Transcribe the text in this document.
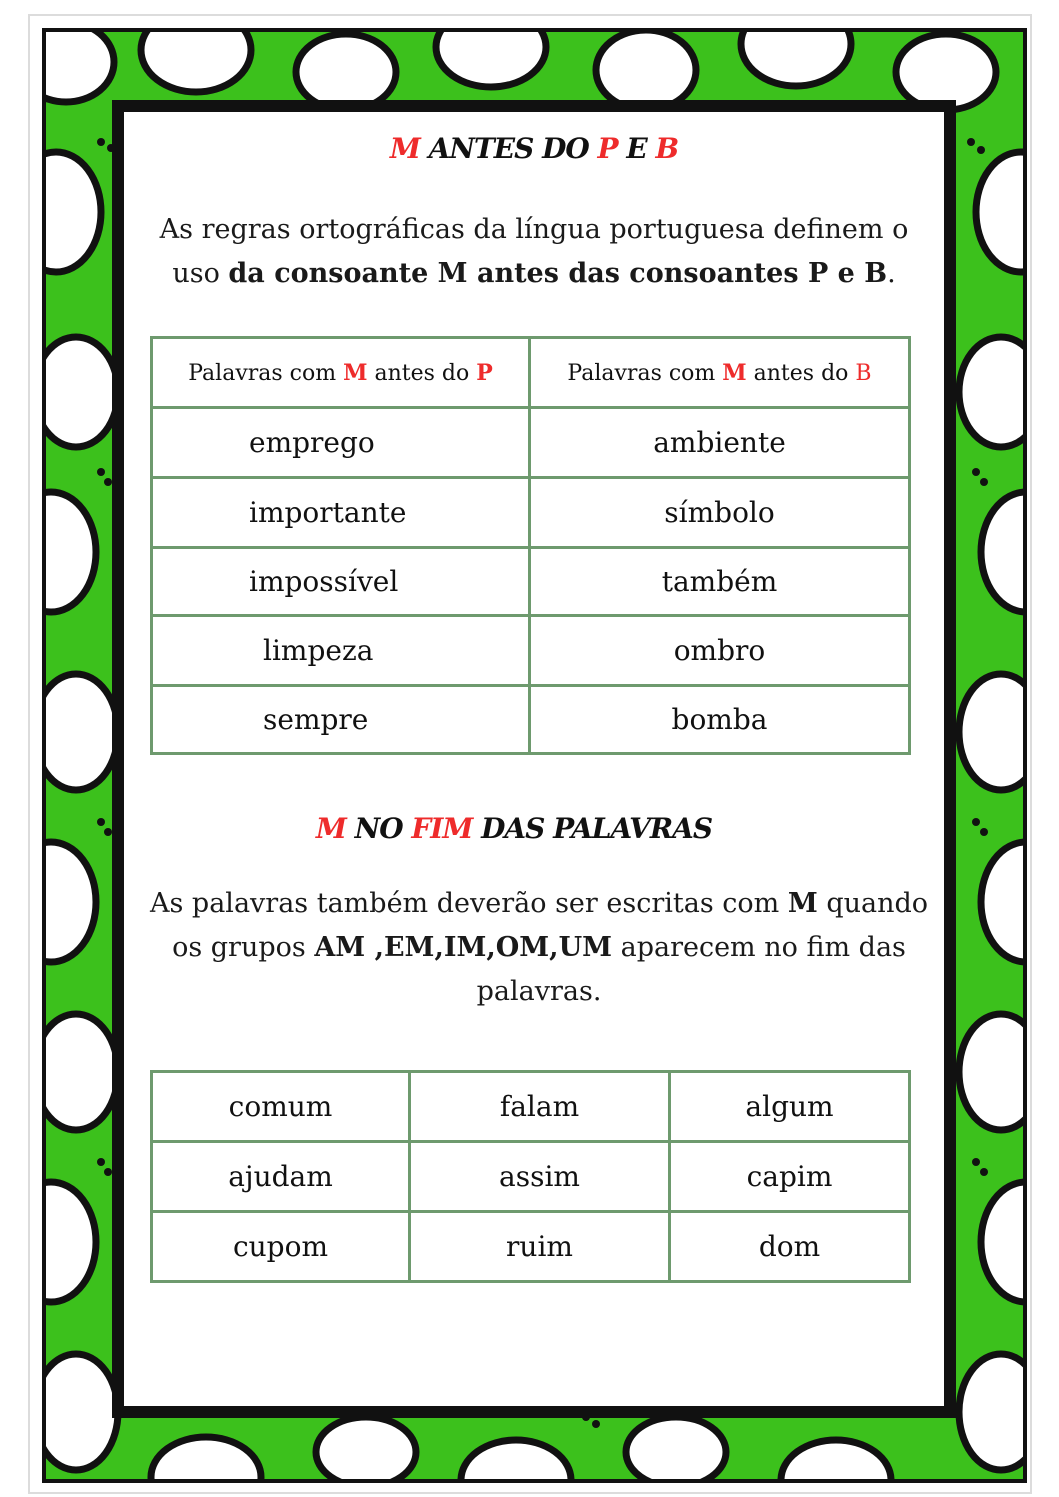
M ANTES DO P E B
As regras ortográficas da língua portuguesa definem o uso da consoante M antes das consoantes P e B.
Palavras com M antes do P	Palavras com M antes do B
emprego	ambiente
importante	símbolo
impossível	também
limpeza	ombro
sempre	bomba
M NO FIM DAS PALAVRAS
As palavras também deverão ser escritas com M quando os grupos AM ,EM,IM,OM,UM aparecem no fim das palavras.
comum	falam	algum
ajudam	assim	capim
cupom	ruim	dom
